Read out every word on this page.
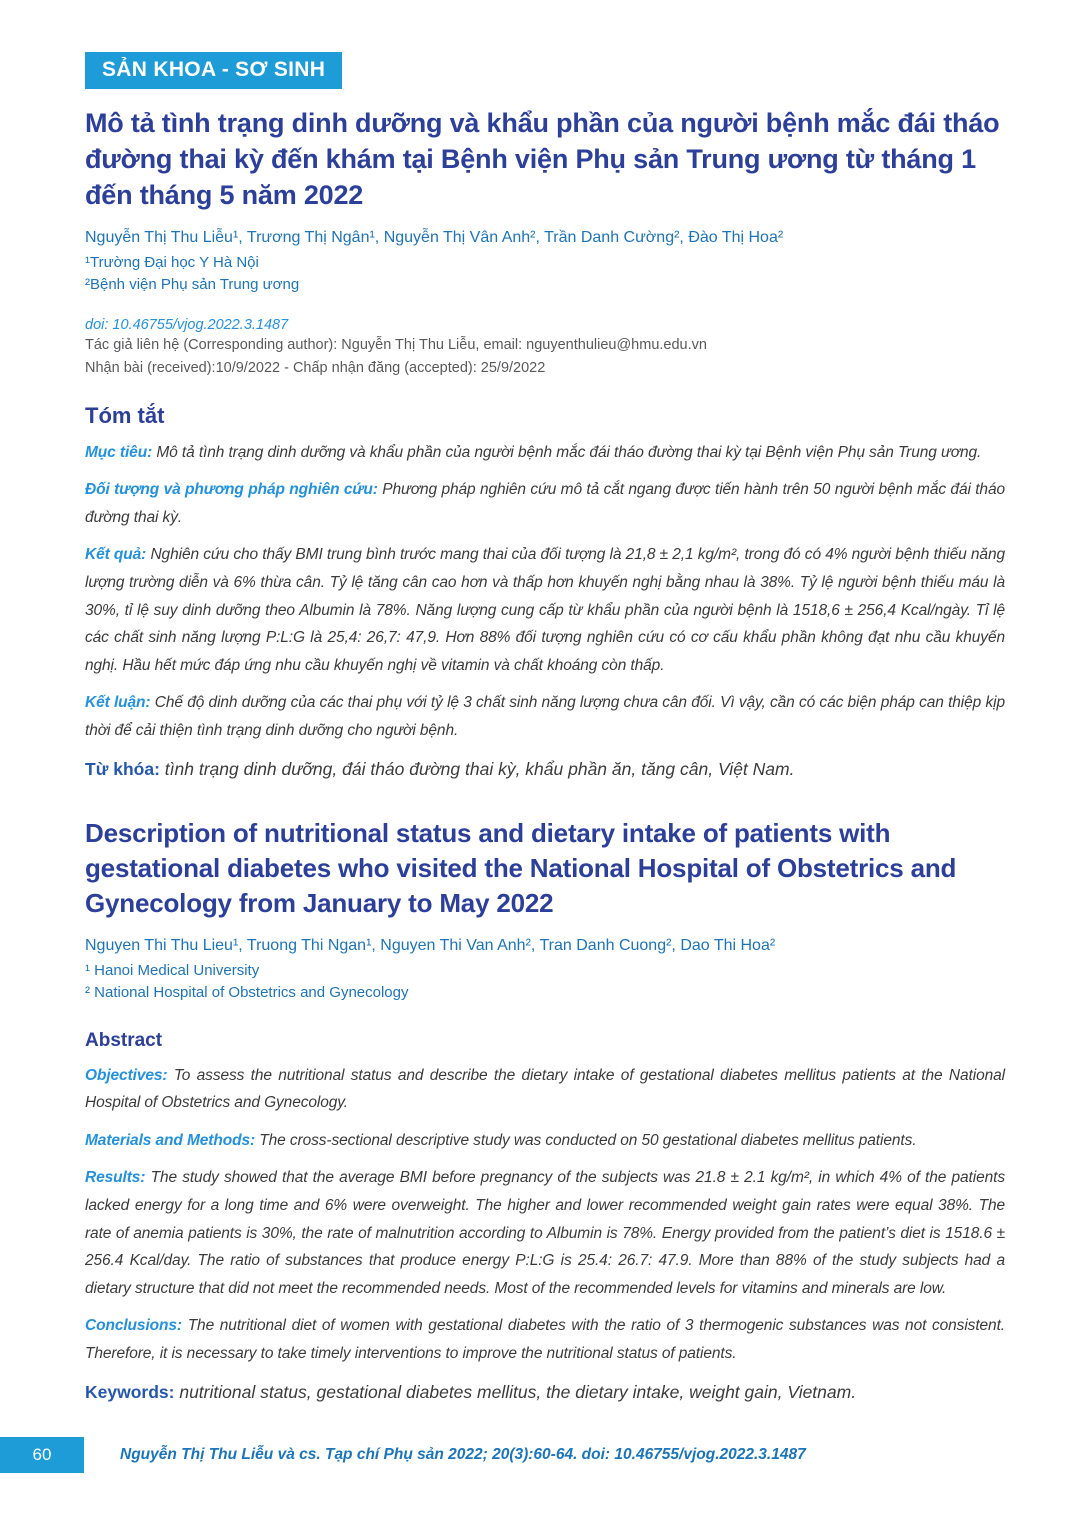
SẢN KHOA - SƠ SINH
Mô tả tình trạng dinh dưỡng và khẩu phần của người bệnh mắc đái tháo đường thai kỳ đến khám tại Bệnh viện Phụ sản Trung ương từ tháng 1 đến tháng 5 năm 2022
Nguyễn Thị Thu Liễu¹, Trương Thị Ngân¹, Nguyễn Thị Vân Anh², Trần Danh Cường², Đào Thị Hoa²
¹Trường Đại học Y Hà Nội
²Bệnh viện Phụ sản Trung ương
doi: 10.46755/vjog.2022.3.1487
Tác giả liên hệ (Corresponding author): Nguyễn Thị Thu Liễu, email: nguyenthulieu@hmu.edu.vn
Nhận bài (received):10/9/2022 - Chấp nhận đăng (accepted): 25/9/2022
Tóm tắt

Mục tiêu: Mô tả tình trạng dinh dưỡng và khẩu phần của người bệnh mắc đái tháo đường thai kỳ tại Bệnh viện Phụ sản Trung ương.

Đối tượng và phương pháp nghiên cứu: Phương pháp nghiên cứu mô tả cắt ngang được tiến hành trên 50 người bệnh mắc đái tháo đường thai kỳ.

Kết quả: Nghiên cứu cho thấy BMI trung bình trước mang thai của đối tượng là 21,8 ± 2,1 kg/m², trong đó có 4% người bệnh thiếu năng lượng trường diễn và 6% thừa cân. Tỷ lệ tăng cân cao hơn và thấp hơn khuyến nghị bằng nhau là 38%. Tỷ lệ người bệnh thiếu máu là 30%, tỉ lệ suy dinh dưỡng theo Albumin là 78%. Năng lượng cung cấp từ khẩu phần của người bệnh là 1518,6 ± 256,4 Kcal/ngày. Tỉ lệ các chất sinh năng lượng P:L:G là 25,4: 26,7: 47,9. Hơn 88% đối tượng nghiên cứu có cơ cấu khẩu phần không đạt nhu cầu khuyến nghị. Hầu hết mức đáp ứng nhu cầu khuyến nghị về vitamin và chất khoáng còn thấp.

Kết luận: Chế độ dinh dưỡng của các thai phụ với tỷ lệ 3 chất sinh năng lượng chưa cân đối. Vì vậy, cần có các biện pháp can thiệp kịp thời để cải thiện tình trạng dinh dưỡng cho người bệnh.

Từ khóa: tình trạng dinh dưỡng, đái tháo đường thai kỳ, khẩu phần ăn, tăng cân, Việt Nam.

Description of nutritional status and dietary intake of patients with gestational diabetes who visited the National Hospital of Obstetrics and Gynecology from January to May 2022
Nguyen Thi Thu Lieu¹, Truong Thi Ngan¹, Nguyen Thi Van Anh², Tran Danh Cuong², Dao Thi Hoa²
¹ Hanoi Medical University
² National Hospital of Obstetrics and Gynecology
Abstract

Objectives: To assess the nutritional status and describe the dietary intake of gestational diabetes mellitus patients at the National Hospital of Obstetrics and Gynecology.

Materials and Methods: The cross-sectional descriptive study was conducted on 50 gestational diabetes mellitus patients.

Results: The study showed that the average BMI before pregnancy of the subjects was 21.8 ± 2.1 kg/m², in which 4% of the patients lacked energy for a long time and 6% were overweight. The higher and lower recommended weight gain rates were equal 38%. The rate of anemia patients is 30%, the rate of malnutrition according to Albumin is 78%. Energy provided from the patient’s diet is 1518.6 ± 256.4 Kcal/day. The ratio of substances that produce energy P:L:G is 25.4: 26.7: 47.9. More than 88% of the study subjects had a dietary structure that did not meet the recommended needs. Most of the recommended levels for vitamins and minerals are low.

Conclusions: The nutritional diet of women with gestational diabetes with the ratio of 3 thermogenic substances was not consistent. Therefore, it is necessary to take timely interventions to improve the nutritional status of patients.

Keywords: nutritional status, gestational diabetes mellitus, the dietary intake, weight gain, Vietnam.

60	Nguyễn Thị Thu Liễu và cs. Tạp chí Phụ sản 2022; 20(3):60-64. doi: 10.46755/vjog.2022.3.1487
